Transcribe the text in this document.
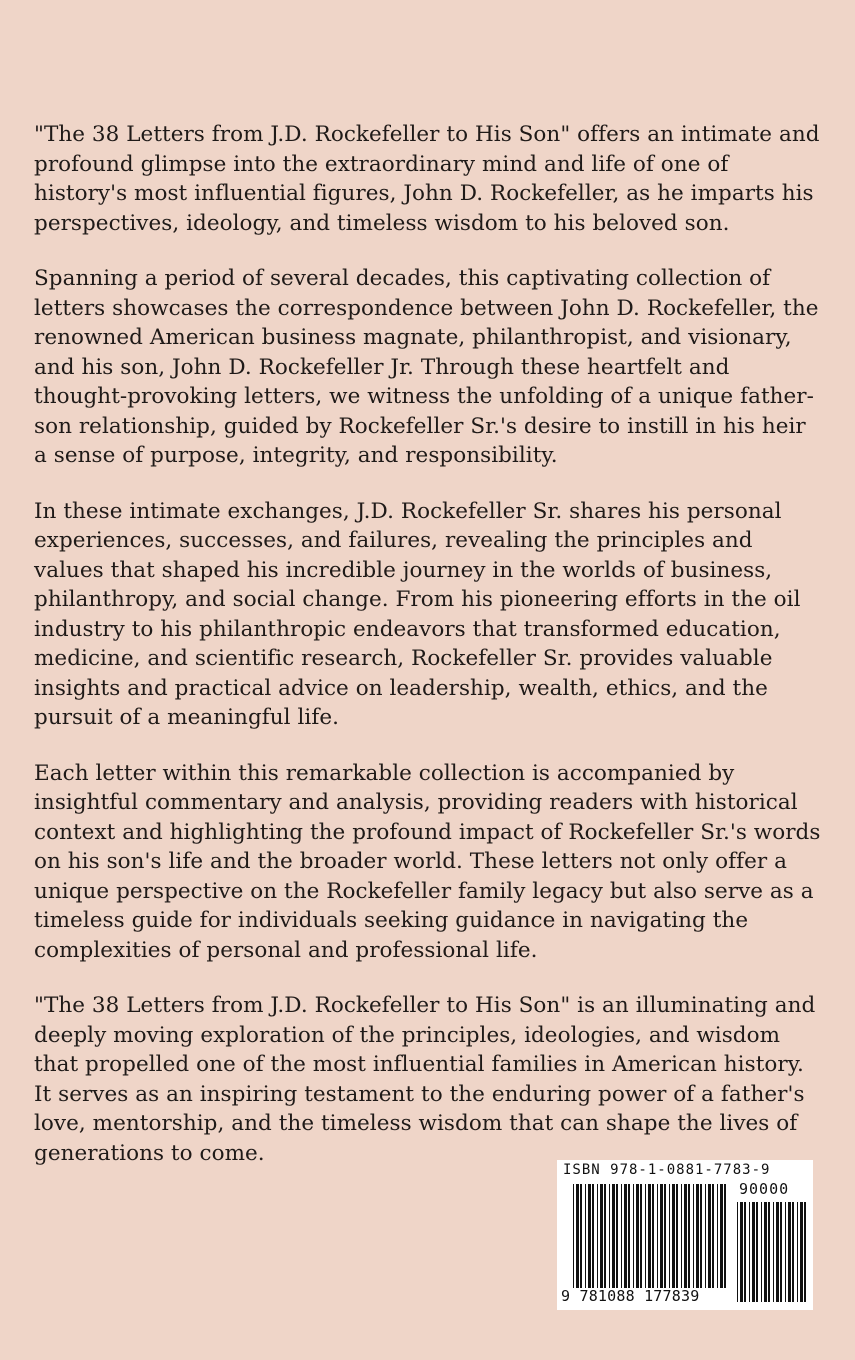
"The 38 Letters from J.D. Rockefeller to His Son" offers an intimate and profound glimpse into the extraordinary mind and life of one of history's most influential figures, John D. Rockefeller, as he imparts his perspectives, ideology, and timeless wisdom to his beloved son.

Spanning a period of several decades, this captivating collection of letters showcases the correspondence between John D. Rockefeller, the renowned American business magnate, philanthropist, and visionary, and his son, John D. Rockefeller Jr. Through these heartfelt and thought-provoking letters, we witness the unfolding of a unique father-son relationship, guided by Rockefeller Sr.'s desire to instill in his heir a sense of purpose, integrity, and responsibility.

In these intimate exchanges, J.D. Rockefeller Sr. shares his personal experiences, successes, and failures, revealing the principles and values that shaped his incredible journey in the worlds of business, philanthropy, and social change. From his pioneering efforts in the oil industry to his philanthropic endeavors that transformed education, medicine, and scientific research, Rockefeller Sr. provides valuable insights and practical advice on leadership, wealth, ethics, and the pursuit of a meaningful life.

Each letter within this remarkable collection is accompanied by insightful commentary and analysis, providing readers with historical context and highlighting the profound impact of Rockefeller Sr.'s words on his son's life and the broader world. These letters not only offer a unique perspective on the Rockefeller family legacy but also serve as a timeless guide for individuals seeking guidance in navigating the complexities of personal and professional life.

"The 38 Letters from J.D. Rockefeller to His Son" is an illuminating and deeply moving exploration of the principles, ideologies, and wisdom that propelled one of the most influential families in American history. It serves as an inspiring testament to the enduring power of a father's love, mentorship, and the timeless wisdom that can shape the lives of generations to come.

ISBN 978-1-0881-7783-9
90000
9 781088 177839
